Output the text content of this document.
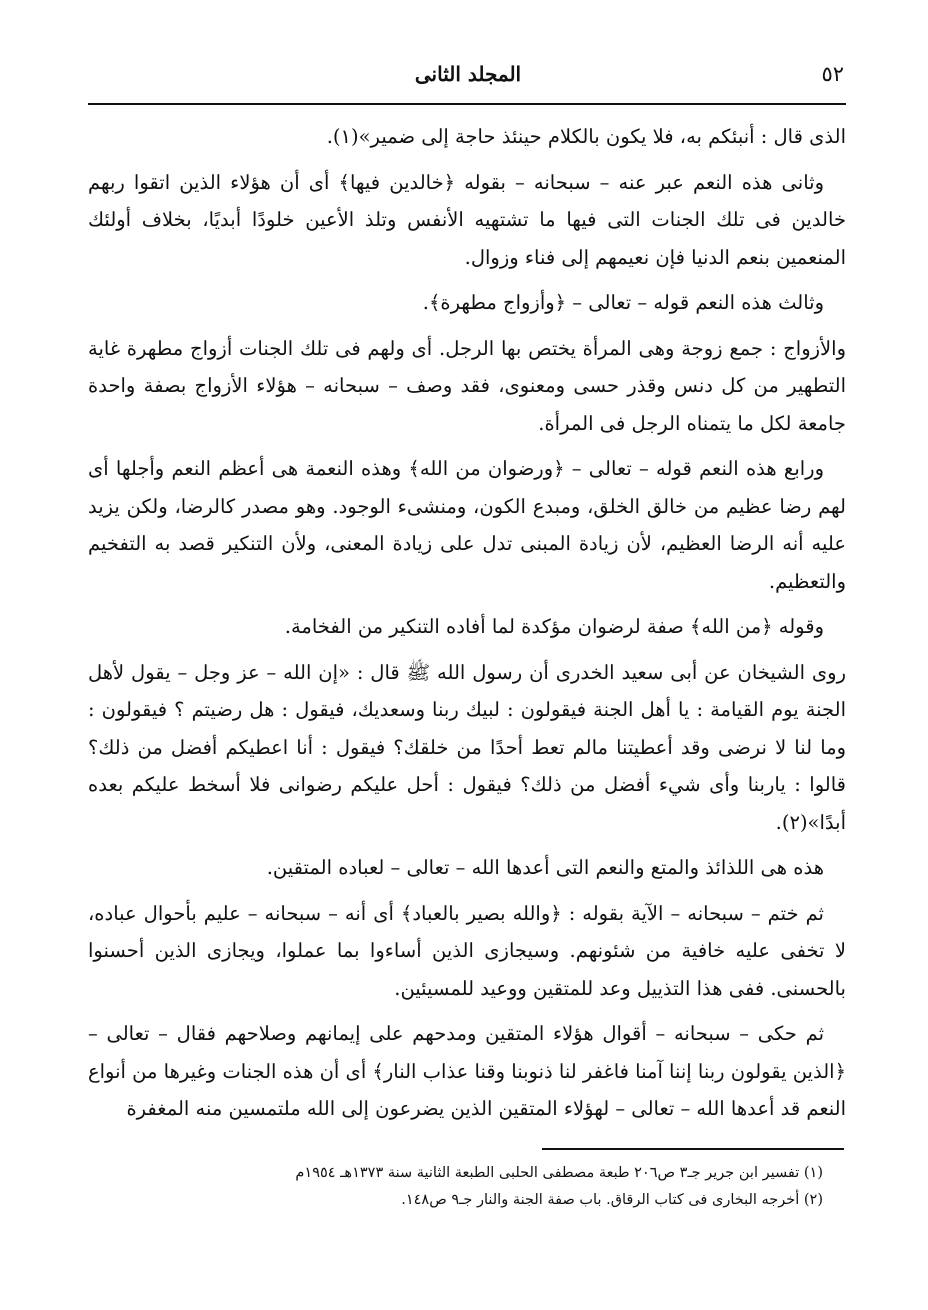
٥٢
المجلد الثانى

الذى قال : أنبئكم به، فلا يكون بالكلام حينئذ حاجة إلى ضمير»(١).

وثانى هذه النعم عبر عنه – سبحانه – بقوله ﴿خالدين فيها﴾ أى أن هؤلاء الذين اتقوا ربهم خالدين فى تلك الجنات التى فيها ما تشتهيه الأنفس وتلذ الأعين خلودًا أبديًا، بخلاف أولئك المنعمين بنعم الدنيا فإن نعيمهم إلى فناء وزوال.

وثالث هذه النعم قوله – تعالى – ﴿وأزواج مطهرة﴾.

والأزواج : جمع زوجة وهى المرأة يختص بها الرجل. أى ولهم فى تلك الجنات أزواج مطهرة غاية التطهير من كل دنس وقذر حسى ومعنوى، فقد وصف – سبحانه – هؤلاء الأزواج بصفة واحدة جامعة لكل ما يتمناه الرجل فى المرأة.

ورابع هذه النعم قوله – تعالى – ﴿ورضوان من الله﴾ وهذه النعمة هى أعظم النعم وأجلها أى لهم رضا عظيم من خالق الخلق، ومبدع الكون، ومنشىء الوجود. وهو مصدر كالرضا، ولكن يزيد عليه أنه الرضا العظيم، لأن زيادة المبنى تدل على زيادة المعنى، ولأن التنكير قصد به التفخيم والتعظيم.

وقوله ﴿من الله﴾ صفة لرضوان مؤكدة لما أفاده التنكير من الفخامة.

روى الشيخان عن أبى سعيد الخدرى أن رسول الله ﷺ قال : «إن الله – عز وجل – يقول لأهل الجنة يوم القيامة : يا أهل الجنة فيقولون : لبيك ربنا وسعديك، فيقول : هل رضيتم ؟ فيقولون : وما لنا لا نرضى وقد أعطيتنا مالم تعط أحدًا من خلقك؟ فيقول : أنا اعطيكم أفضل من ذلك؟ قالوا : ياربنا وأى شيء أفضل من ذلك؟ فيقول : أحل عليكم رضوانى فلا أسخط عليكم بعده أبدًا»(٢).

هذه هى اللذائذ والمتع والنعم التى أعدها الله – تعالى – لعباده المتقين.

ثم ختم – سبحانه – الآية بقوله : ﴿والله بصير بالعباد﴾ أى أنه – سبحانه – عليم بأحوال عباده، لا تخفى عليه خافية من شئونهم. وسيجازى الذين أساءوا بما عملوا، ويجازى الذين أحسنوا بالحسنى. ففى هذا التذييل وعد للمتقين ووعيد للمسيئين.

ثم حكى – سبحانه – أقوال هؤلاء المتقين ومدحهم على إيمانهم وصلاحهم فقال – تعالى – ﴿الذين يقولون ربنا إننا آمنا فاغفر لنا ذنوبنا وقنا عذاب النار﴾ أى أن هذه الجنات وغيرها من أنواع النعم قد أعدها الله – تعالى – لهؤلاء المتقين الذين يضرعون إلى الله ملتمسين منه المغفرة

(١) تفسير ابن جرير جـ٣ ص٢٠٦ طبعة مصطفى الحلبى الطبعة الثانية سنة ١٣٧٣هـ ١٩٥٤م

(٢) أخرجه البخارى فى كتاب الرقاق. باب صفة الجنة والنار جـ٩ ص١٤٨.
